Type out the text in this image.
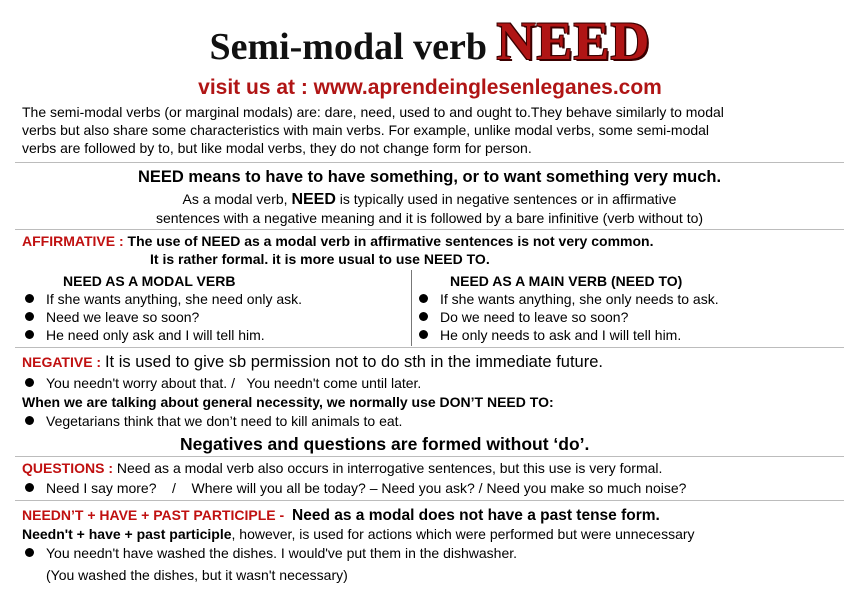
Semi-modal verb NEED
visit us at : www.aprendeinglesenleganes.com
The semi-modal verbs (or marginal modals) are: dare, need, used to and ought to.They behave similarly to modal
verbs but also share some characteristics with main verbs. For example, unlike modal verbs, some semi-modal
verbs are followed by to, but like modal verbs, they do not change form for person.
NEED means to have to have something, or to want something very much.
As a modal verb, NEED is typically used in negative sentences or in affirmative
sentences with a negative meaning and it is followed by a bare infinitive (verb without to)
AFFIRMATIVE : The use of NEED as a modal verb in affirmative sentences is not very common.
It is rather formal. it is more usual to use NEED TO.
NEED AS A MODAL VERB	NEED AS A MAIN VERB (NEED TO)
If she wants anything, she need only ask.
Need we leave so soon?
He need only ask and I will tell him.
If she wants anything, she only needs to ask.
Do we need to leave so soon?
He only needs to ask and I will tell him.
NEGATIVE : It is used to give sb permission not to do sth in the immediate future.
You needn't worry about that. /   You needn't come until later.
When we are talking about general necessity, we normally use DON’T NEED TO:
Vegetarians think that we don’t need to kill animals to eat.
Negatives and questions are formed without ‘do’.
QUESTIONS : Need as a modal verb also occurs in interrogative sentences, but this use is very formal.
Need I say more?    /    Where will you all be today? – Need you ask? / Need you make so much noise?
NEEDN’T + HAVE + PAST PARTICIPLE - Need as a modal does not have a past tense form.
Needn't + have + past participle, however, is used for actions which were performed but were unnecessary
You needn't have washed the dishes. I would've put them in the dishwasher.
(You washed the dishes, but it wasn't necessary)
